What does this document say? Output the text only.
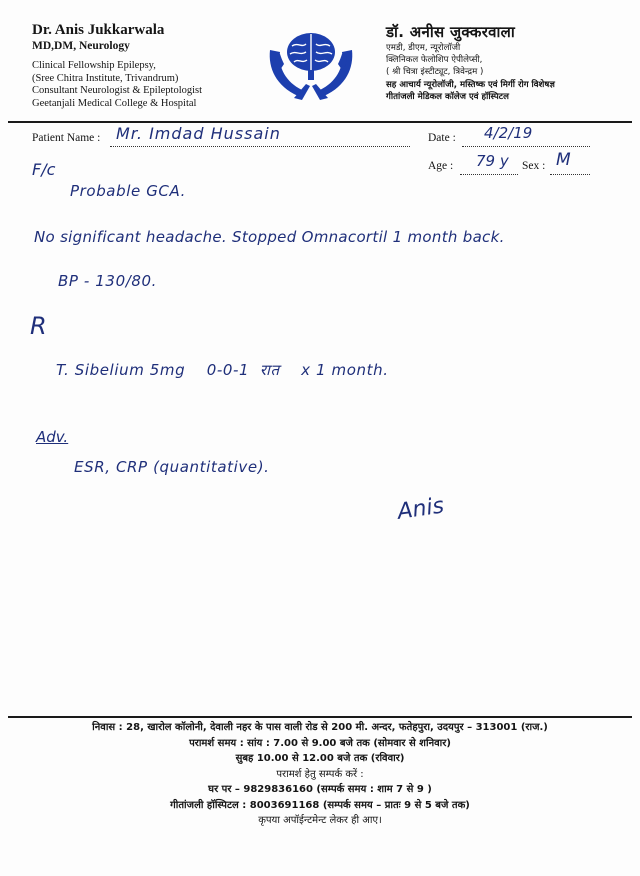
Dr. Anis Jukkarwala
MD,DM, Neurology
Clinical Fellowship Epilepsy,
(Sree Chitra Institute, Trivandrum)
Consultant Neurologist & Epileptologist
Geetanjali Medical College & Hospital
डॉ. अनीस जुक्करवाला
एमडी, डीएम, न्यूरोलॉजी
क्लिनिकल फेलोशिप ऐपीलेप्सी,
( श्री चित्रा इंस्टीट्यूट, त्रिवेन्द्रम )
सह आचार्य न्यूरोलॉजी, मस्तिष्क एवं मिर्गी रोग विशेषज्ञ
गीतांजली मेडिकल कॉलेज एवं हॉस्पिटल
Patient Name : Mr. Imdad Hussain	Date : 4/2/19
Age : 79 y Sex : M
F/c
Probable GCA.
No significant headache. Stopped Omnacortil 1 month back.
BP - 130/80.
R
T. Sibelium 5mg    0-0-1  रात    x 1 month.
Adv.
ESR, CRP (quantitative).
Anis
निवास : 28, खारोल कॉलोनी, देवाली नहर के पास वाली रोड से 200 मी. अन्दर, फतेहपुरा, उदयपुर – 313001 (राज.)
परामर्श समय : सांय : 7.00 से 9.00 बजे तक (सोमवार से शनिवार)
सुबह 10.00 से 12.00 बजे तक (रविवार)
परामर्श हेतु सम्पर्क करें :
घर पर – 9829836160 (सम्पर्क समय : शाम 7 से 9 )
गीतांजली हॉस्पिटल : 8003691168 (सम्पर्क समय – प्रातः 9 से 5 बजे तक)
कृपया अपॉईन्टमेन्ट लेकर ही आए।
